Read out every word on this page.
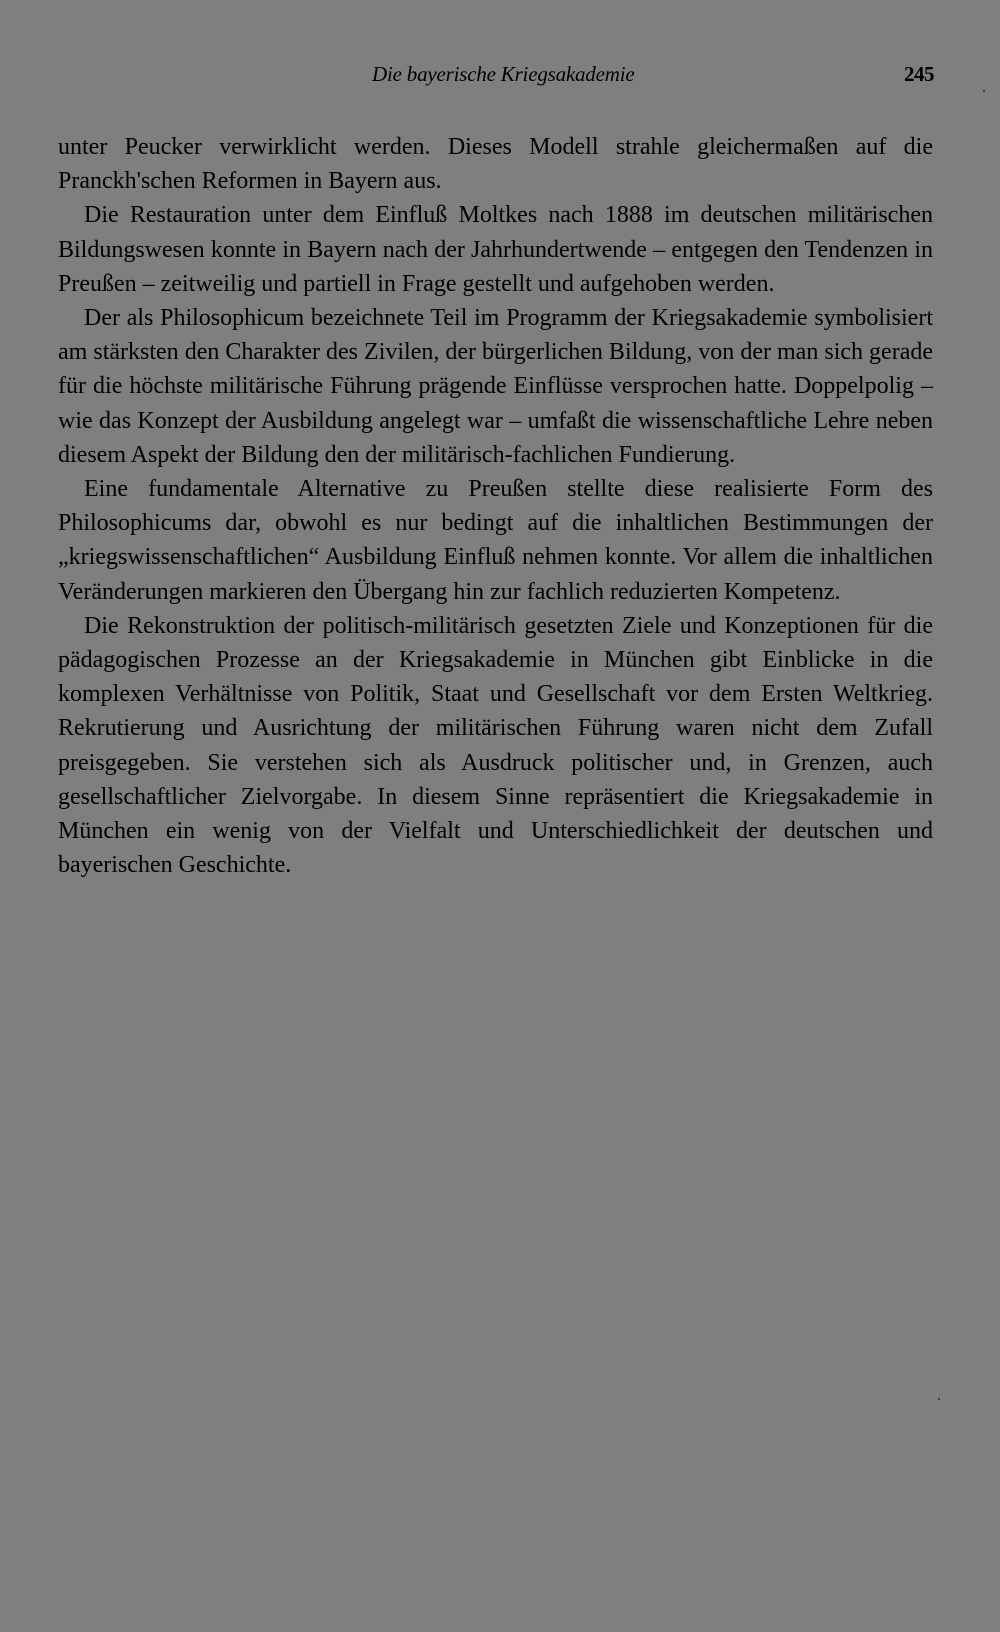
Die bayerische Kriegsakademie	245

unter Peucker verwirklicht werden. Dieses Modell strahle gleichermaßen auf die Pranckh'schen Reformen in Bayern aus.

Die Restauration unter dem Einfluß Moltkes nach 1888 im deutschen militärischen Bildungswesen konnte in Bayern nach der Jahrhundertwende – entgegen den Tendenzen in Preußen – zeitweilig und partiell in Frage gestellt und aufgehoben werden.

Der als Philosophicum bezeichnete Teil im Programm der Kriegsakademie symbolisiert am stärksten den Charakter des Zivilen, der bürgerlichen Bildung, von der man sich gerade für die höchste militärische Führung prägende Einflüsse versprochen hatte. Doppelpolig – wie das Konzept der Ausbildung angelegt war – umfaßt die wissenschaftliche Lehre neben diesem Aspekt der Bildung den der militärisch-fachlichen Fundierung.

Eine fundamentale Alternative zu Preußen stellte diese realisierte Form des Philosophicums dar, obwohl es nur bedingt auf die inhaltlichen Bestimmungen der „kriegswissenschaftlichen“ Ausbildung Einfluß nehmen konnte. Vor allem die inhaltlichen Veränderungen markieren den Übergang hin zur fachlich reduzierten Kompetenz.

Die Rekonstruktion der politisch-militärisch gesetzten Ziele und Konzeptionen für die pädagogischen Prozesse an der Kriegsakademie in München gibt Einblicke in die komplexen Verhältnisse von Politik, Staat und Gesellschaft vor dem Ersten Weltkrieg. Rekrutierung und Ausrichtung der militärischen Führung waren nicht dem Zufall preisgegeben. Sie verstehen sich als Ausdruck politischer und, in Grenzen, auch gesellschaftlicher Zielvorgabe. In diesem Sinne repräsentiert die Kriegsakademie in München ein wenig von der Vielfalt und Unterschiedlichkeit der deutschen und bayerischen Geschichte.
